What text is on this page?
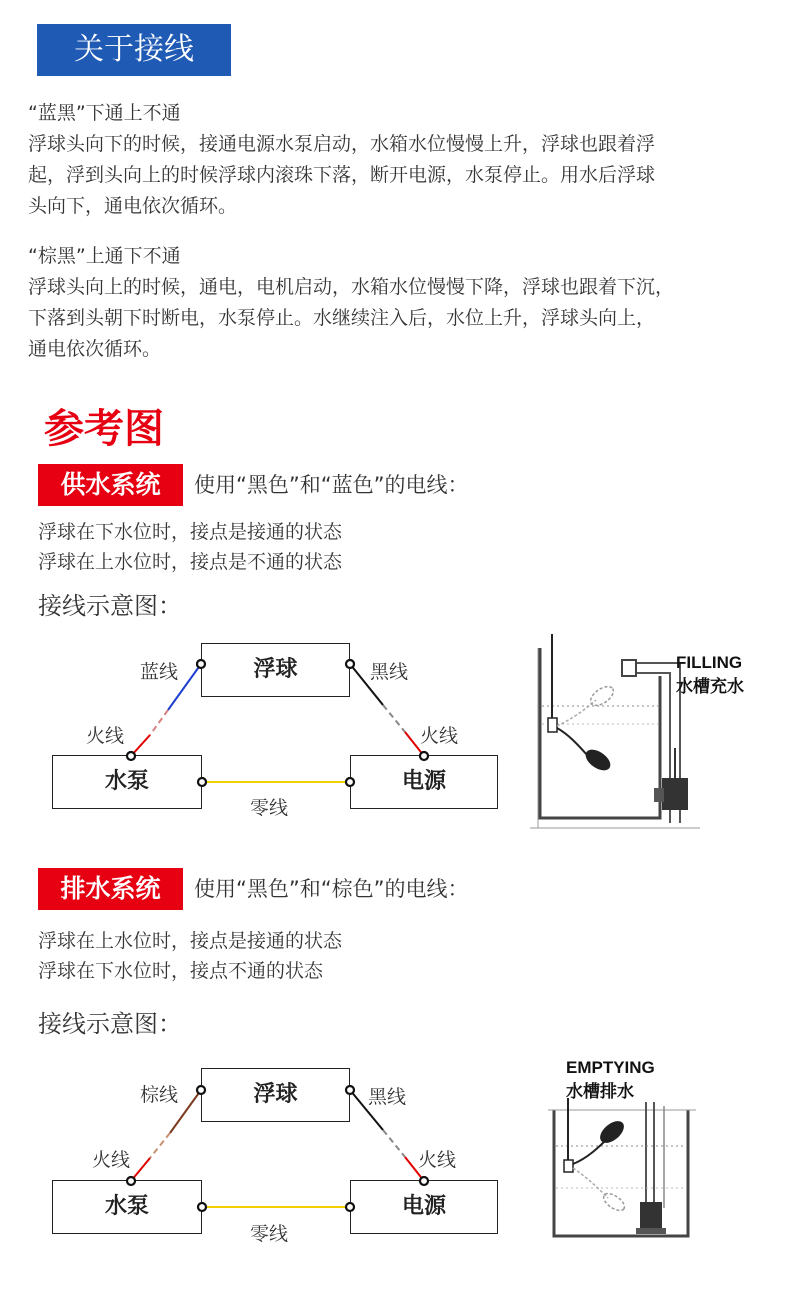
关于接线
“蓝黑”下通上不通
浮球头向下的时候，接通电源水泵启动，水箱水位慢慢上升，浮球也跟着浮
起，浮到头向上的时候浮球内滚珠下落，断开电源，水泵停止。用水后浮球
头向下，通电依次循环。
“棕黑”上通下不通
浮球头向上的时候，通电，电机启动，水箱水位慢慢下降，浮球也跟着下沉，
下落到头朝下时断电，水泵停止。水继续注入后，水位上升，浮球头向上，
通电依次循环。
参考图
供水系统	使用“黑色”和“蓝色”的电线：
浮球在下水位时，接点是接通的状态
浮球在上水位时，接点是不通的状态
接线示意图：
浮球
水泵	电源
蓝线	黑线
火线	火线
零线
FILLING
水槽充水
排水系统	使用“黑色”和“棕色”的电线：
浮球在上水位时，接点是接通的状态
浮球在下水位时，接点不通的状态
接线示意图：
浮球
水泵	电源
棕线	黑线
火线	火线
零线
EMPTYING
水槽排水
